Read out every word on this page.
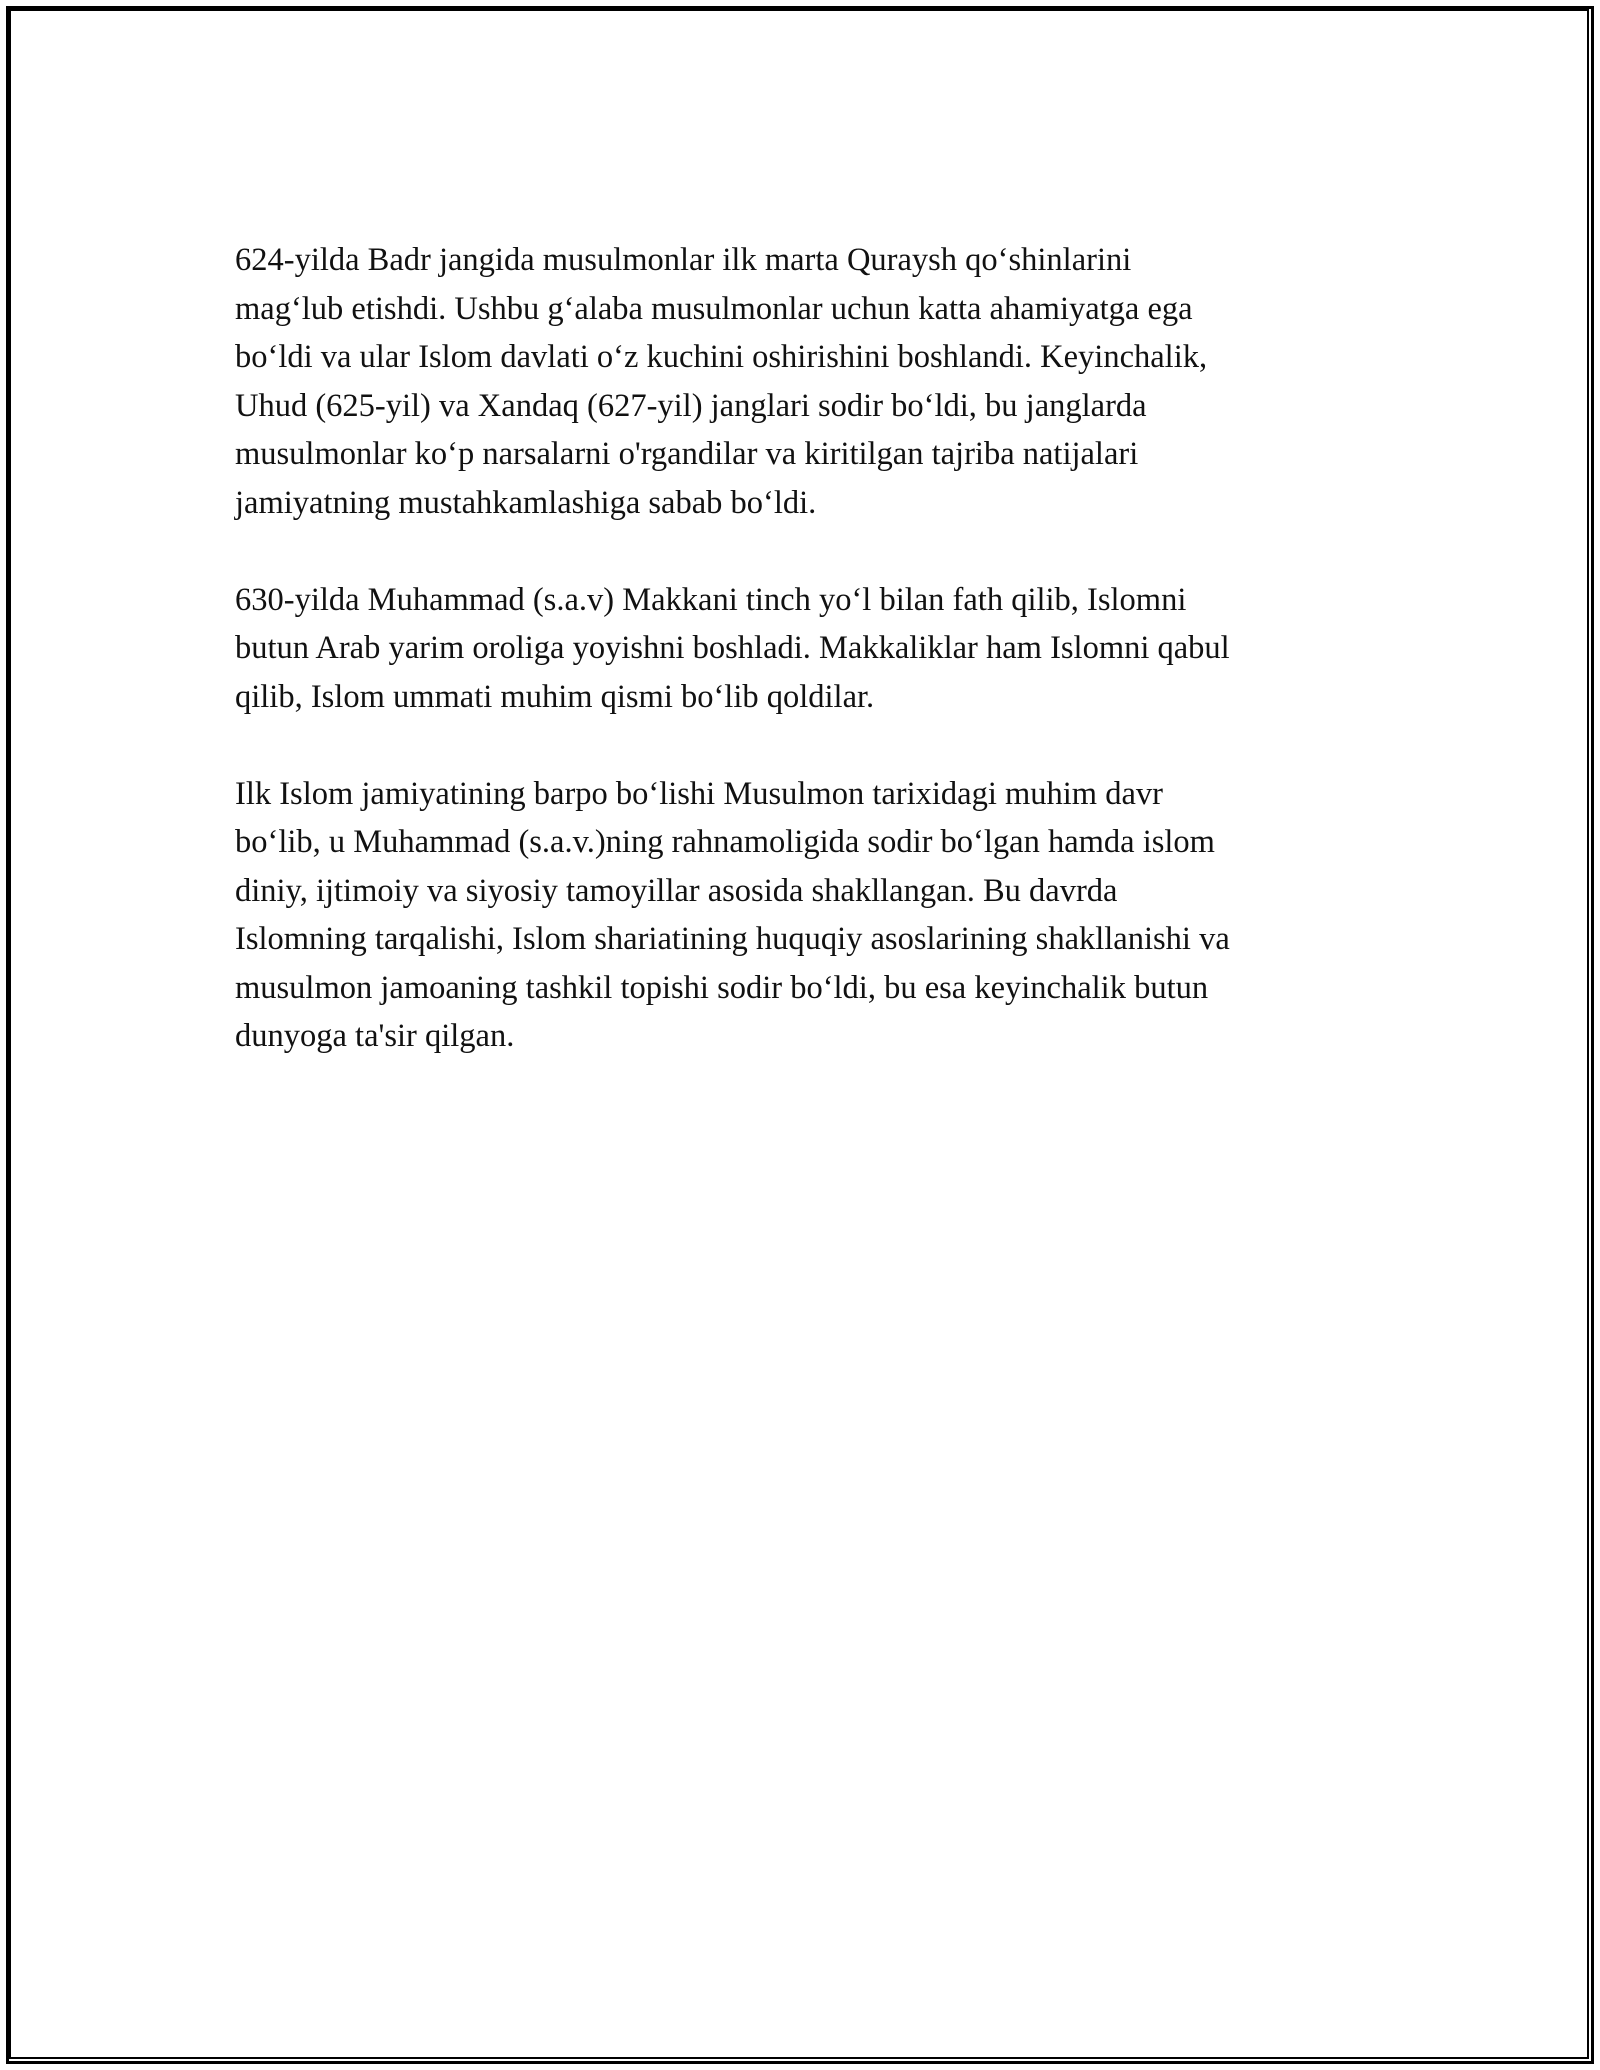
624-yilda Badr jangida musulmonlar ilk marta Quraysh qo‘shinlarini
mag‘lub etishdi. Ushbu g‘alaba musulmonlar uchun katta ahamiyatga ega
bo‘ldi va ular Islom davlati o‘z kuchini oshirishini boshlandi. Keyinchalik,
Uhud (625-yil) va Xandaq (627-yil) janglari sodir bo‘ldi, bu janglarda
musulmonlar ko‘p narsalarni o'rgandilar va kiritilgan tajriba natijalari
jamiyatning mustahkamlashiga sabab bo‘ldi.

630-yilda Muhammad (s.a.v) Makkani tinch yo‘l bilan fath qilib, Islomni
butun Arab yarim oroliga yoyishni boshladi. Makkaliklar ham Islomni qabul
qilib, Islom ummati muhim qismi bo‘lib qoldilar.

Ilk Islom jamiyatining barpo bo‘lishi Musulmon tarixidagi muhim davr
bo‘lib, u Muhammad (s.a.v.)ning rahnamoligida sodir bo‘lgan hamda islom
diniy, ijtimoiy va siyosiy tamoyillar asosida shakllangan. Bu davrda
Islomning tarqalishi, Islom shariatining huquqiy asoslarining shakllanishi va
musulmon jamoaning tashkil topishi sodir bo‘ldi, bu esa keyinchalik butun
dunyoga ta'sir qilgan.
